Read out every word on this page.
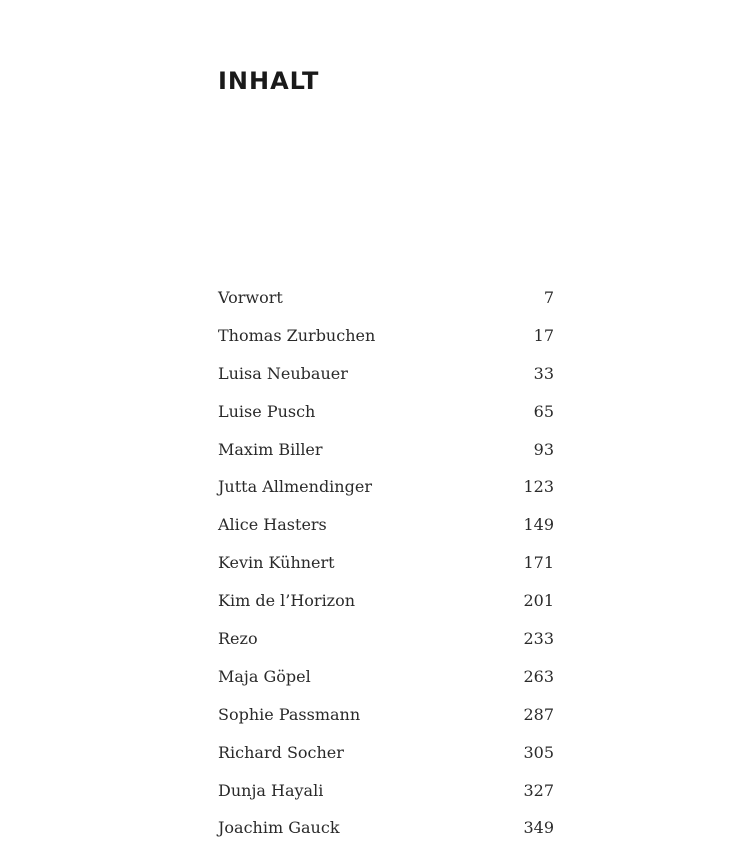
INHALT
Vorwort	7
Thomas Zurbuchen	17
Luisa Neubauer	33
Luise Pusch	65
Maxim Biller	93
Jutta Allmendinger	123
Alice Hasters	149
Kevin Kühnert	171
Kim de l’Horizon	201
Rezo	233
Maja Göpel	263
Sophie Passmann	287
Richard Socher	305
Dunja Hayali	327
Joachim Gauck	349
